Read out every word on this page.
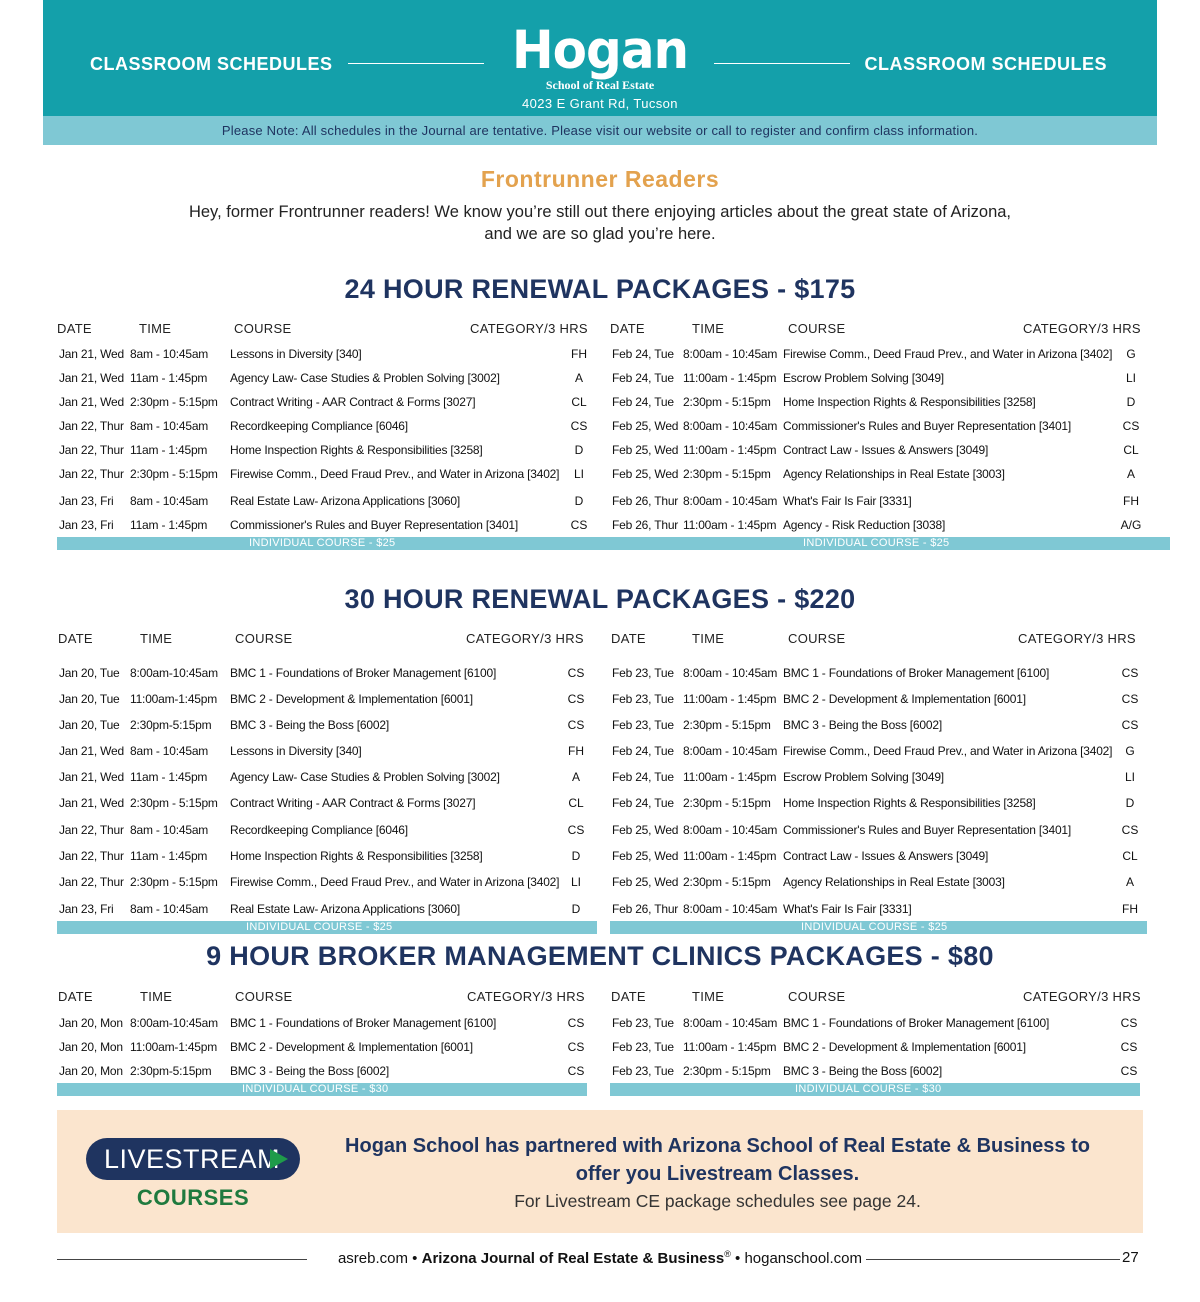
CLASSROOM SCHEDULES	Hogan
School of Real Estate
4023 E Grant Rd, Tucson
CLASSROOM SCHEDULES
Please Note: All schedules in the Journal are tentative. Please visit our website or call to register and confirm class information.
Frontrunner Readers
Hey, former Frontrunner readers! We know you’re still out there enjoying articles about the great state of Arizona,
and we are so glad you’re here.
24 HOUR RENEWAL PACKAGES - $175
DATE	TIME	COURSE	CATEGORY/3 HRS
Jan 21, Wed 8am - 10:45am Lessons in Diversity [340]	FH
Jan 21, Wed 11am - 1:45pm Agency Law- Case Studies & Problen Solving [3002]	A
Jan 21, Wed 2:30pm - 5:15pm Contract Writing - AAR Contract & Forms [3027]	CL
Jan 22, Thur 8am - 10:45am Recordkeeping Compliance [6046]	CS
Jan 22, Thur 11am - 1:45pm Home Inspection Rights & Responsibilities [3258]	D
Jan 22, Thur 2:30pm - 5:15pm Firewise Comm., Deed Fraud Prev., and Water in Arizona [3402]	LI
Jan 23, Fri 8am - 10:45am Real Estate Law- Arizona Applications [3060]	D
Jan 23, Fri 11am - 1:45pm Commissioner's Rules and Buyer Representation [3401]	CS
DATE	TIME	COURSE	CATEGORY/3 HRS
Feb 24, Tue 8:00am - 10:45am Firewise Comm., Deed Fraud Prev., and Water in Arizona [3402]	G
Feb 24, Tue 11:00am - 1:45pm Escrow Problem Solving [3049]	LI
Feb 24, Tue 2:30pm - 5:15pm Home Inspection Rights & Responsibilities [3258]	D
Feb 25, Wed 8:00am - 10:45am Commissioner's Rules and Buyer Representation [3401]	CS
Feb 25, Wed 11:00am - 1:45pm Contract Law - Issues & Answers [3049]	CL
Feb 25, Wed 2:30pm - 5:15pm Agency Relationships in Real Estate [3003]	A
Feb 26, Thur 8:00am - 10:45am What's Fair Is Fair [3331]	FH
Feb 26, Thur 11:00am - 1:45pm Agency - Risk Reduction [3038]	A/G
INDIVIDUAL COURSE - $25	INDIVIDUAL COURSE - $25
30 HOUR RENEWAL PACKAGES - $220
DATE	TIME	COURSE	CATEGORY/3 HRS
Jan 20, Tue 8:00am-10:45am BMC 1 - Foundations of Broker Management [6100]	CS
Jan 20, Tue 11:00am-1:45pm BMC 2 - Development & Implementation [6001]	CS
Jan 20, Tue 2:30pm-5:15pm BMC 3 - Being the Boss [6002]	CS
Jan 21, Wed 8am - 10:45am Lessons in Diversity [340]	FH
Jan 21, Wed 11am - 1:45pm Agency Law- Case Studies & Problen Solving [3002]	A
Jan 21, Wed 2:30pm - 5:15pm Contract Writing - AAR Contract & Forms [3027]	CL
Jan 22, Thur 8am - 10:45am Recordkeeping Compliance [6046]	CS
Jan 22, Thur 11am - 1:45pm Home Inspection Rights & Responsibilities [3258]	D
Jan 22, Thur 2:30pm - 5:15pm Firewise Comm., Deed Fraud Prev., and Water in Arizona [3402] LI
Jan 23, Fri 8am - 10:45am Real Estate Law- Arizona Applications [3060]	D
DATE	TIME	COURSE	CATEGORY/3 HRS
Feb 23, Tue 8:00am - 10:45am BMC 1 - Foundations of Broker Management [6100]	CS
Feb 23, Tue 11:00am - 1:45pm BMC 2 - Development & Implementation [6001]	CS
Feb 23, Tue 2:30pm - 5:15pm BMC 3 - Being the Boss [6002]	CS
Feb 24, Tue 8:00am - 10:45am Firewise Comm., Deed Fraud Prev., and Water in Arizona [3402]	G
Feb 24, Tue 11:00am - 1:45pm Escrow Problem Solving [3049]	LI
Feb 24, Tue 2:30pm - 5:15pm Home Inspection Rights & Responsibilities [3258]	D
Feb 25, Wed 8:00am - 10:45am Commissioner's Rules and Buyer Representation [3401]	CS
Feb 25, Wed 11:00am - 1:45pm Contract Law - Issues & Answers [3049]	CL
Feb 25, Wed 2:30pm - 5:15pm Agency Relationships in Real Estate [3003]	A
Feb 26, Thur 8:00am - 10:45am What's Fair Is Fair [3331]	FH
INDIVIDUAL COURSE - $25	INDIVIDUAL COURSE - $25
9 HOUR BROKER MANAGEMENT CLINICS PACKAGES - $80
DATE	TIME	COURSE	CATEGORY/3 HRS
Jan 20, Mon 8:00am-10:45am BMC 1 - Foundations of Broker Management [6100]	CS
Jan 20, Mon 11:00am-1:45pm BMC 2 - Development & Implementation [6001]	CS
Jan 20, Mon 2:30pm-5:15pm BMC 3 - Being the Boss [6002]	CS
DATE	TIME	COURSE	CATEGORY/3 HRS
Feb 23, Tue 8:00am - 10:45am BMC 1 - Foundations of Broker Management [6100]	CS
Feb 23, Tue 11:00am - 1:45pm BMC 2 - Development & Implementation [6001]	CS
Feb 23, Tue 2:30pm - 5:15pm BMC 3 - Being the Boss [6002]	CS
INDIVIDUAL COURSE - $30	INDIVIDUAL COURSE - $30
LIVESTREAM
COURSES
Hogan School has partnered with Arizona School of Real Estate & Business to
offer you Livestream Classes.
For Livestream CE package schedules see page 24.
asreb.com • Arizona Journal of Real Estate & Business® • hoganschool.com	27
